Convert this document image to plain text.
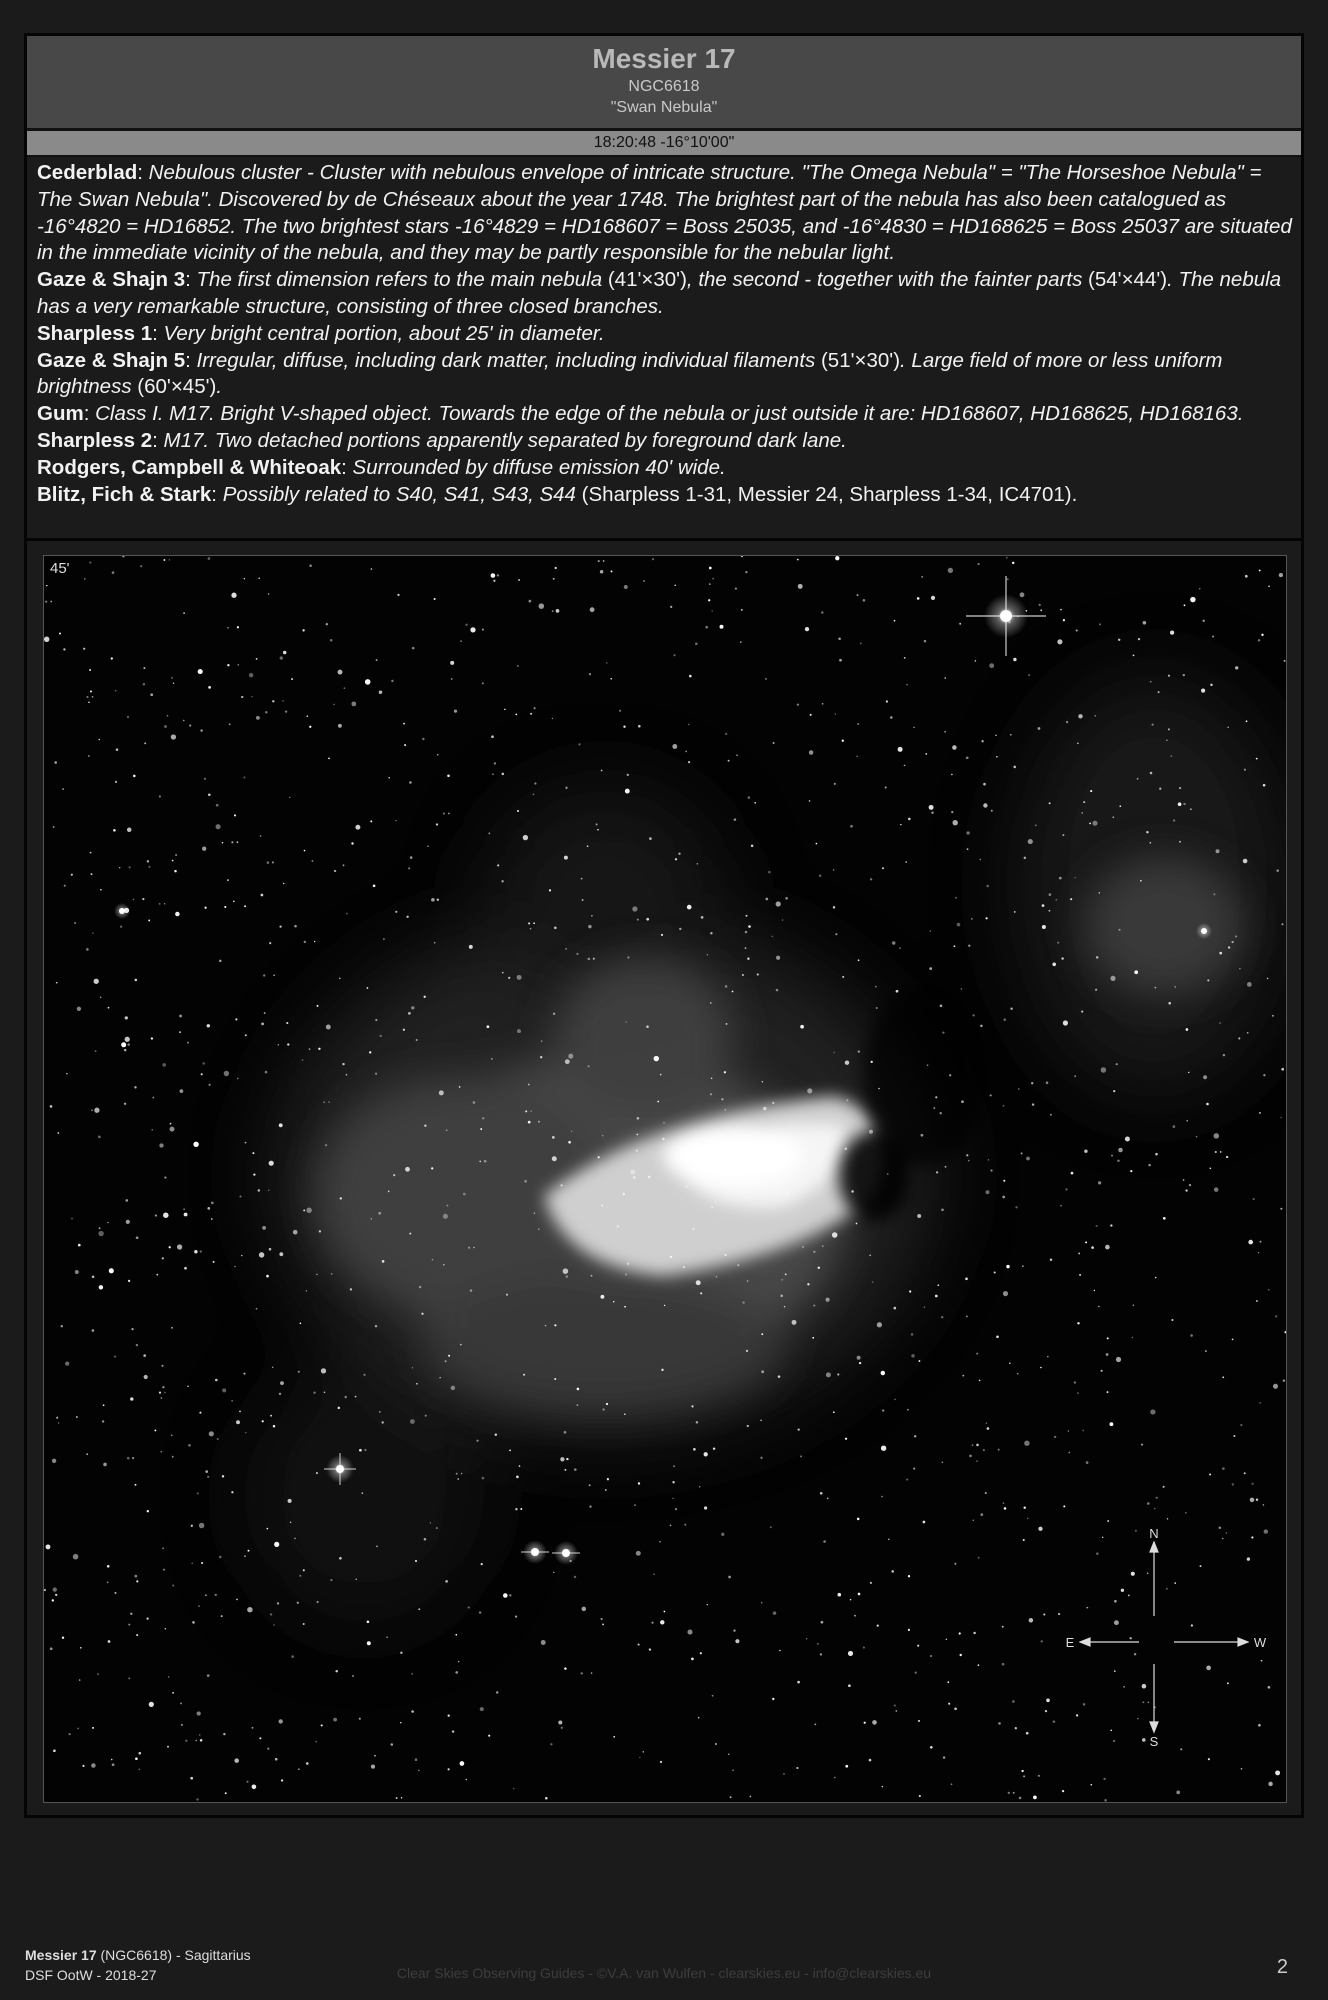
Messier 17
NGC6618
"Swan Nebula"
18:20:48 -16°10'00"

Cederblad: Nebulous cluster - Cluster with nebulous envelope of intricate structure. "The Omega Nebula" = "The Horseshoe Nebula" = The Swan Nebula". Discovered by de Chéseaux about the year 1748. The brightest part of the nebula has also been catalogued as -16°4820 = HD16852. The two brightest stars -16°4829 = HD168607 = Boss 25035, and -16°4830 = HD168625 = Boss 25037 are situated in the immediate vicinity of the nebula, and they may be partly responsible for the nebular light.

Gaze & Shajn 3: The first dimension refers to the main nebula (41'×30'), the second - together with the fainter parts (54'×44'). The nebula has a very remarkable structure, consisting of three closed branches.

Sharpless 1: Very bright central portion, about 25' in diameter.

Gaze & Shajn 5: Irregular, diffuse, including dark matter, including individual filaments (51'×30'). Large field of more or less uniform brightness (60'×45').

Gum: Class I. M17. Bright V-shaped object. Towards the edge of the nebula or just outside it are: HD168607, HD168625, HD168163.

Sharpless 2: M17. Two detached portions apparently separated by foreground dark lane.

Rodgers, Campbell & Whiteoak: Surrounded by diffuse emission 40' wide.

Blitz, Fich & Stark: Possibly related to S40, S41, S43, S44 (Sharpless 1-31, Messier 24, Sharpless 1-34, IC4701).

N
S
E	W
45'
Messier 17 (NGC6618) - Sagittarius
DSF OotW - 2018-27	Clear Skies Observing Guides - ©V.A. van Wulfen - clearskies.eu - info@clearskies.eu	2
